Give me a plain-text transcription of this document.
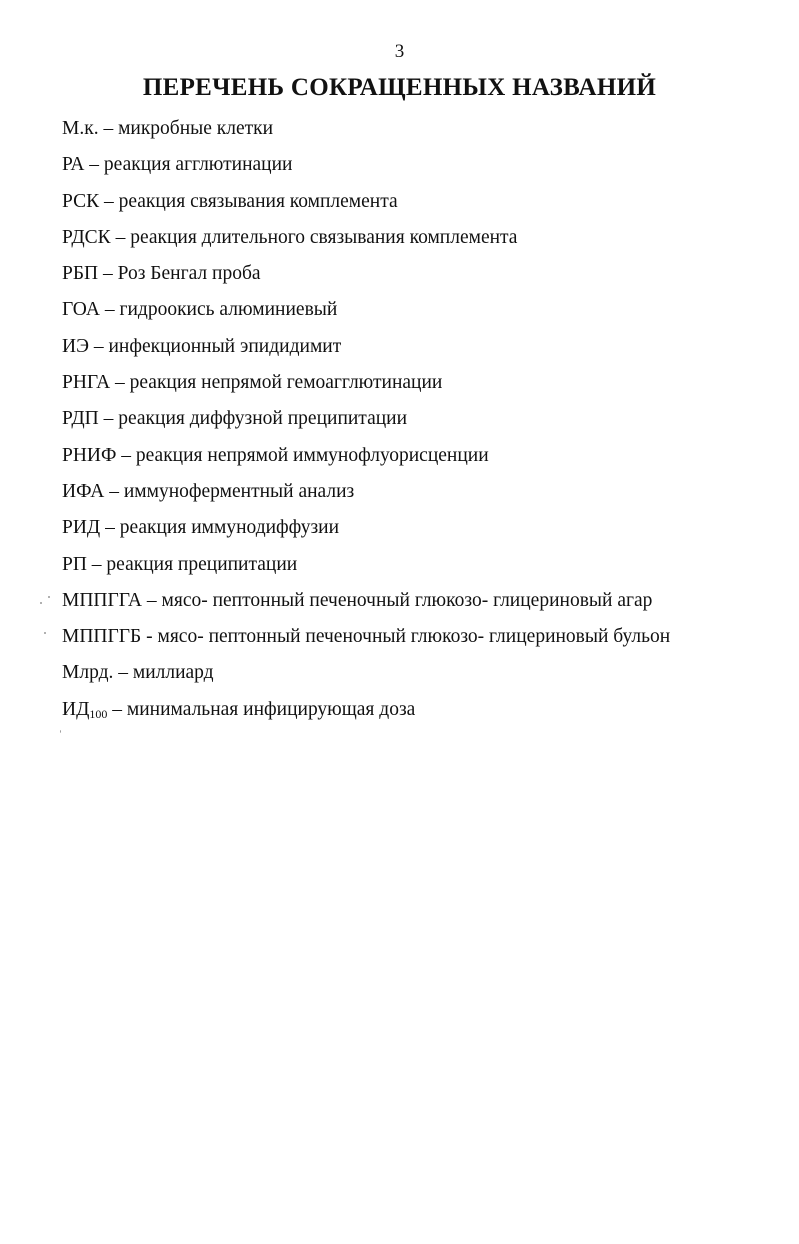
3
ПЕРЕЧЕНЬ СОКРАЩЕННЫХ НАЗВАНИЙ
М.к. – микробные клетки
РА – реакция агглютинации
РСК – реакция связывания комплемента
РДСК – реакция длительного связывания комплемента
РБП – Роз Бенгал проба
ГОА – гидроокись алюминиевый
ИЭ – инфекционный эпидидимит
РНГА – реакция непрямой гемоагглютинации
РДП – реакция диффузной преципитации
РНИФ – реакция непрямой иммунофлуорисценции
ИФА – иммуноферментный анализ
РИД – реакция иммунодиффузии
РП – реакция преципитации
МППГГА – мясо- пептонный печеночный глюкозо- глицериновый агар
МППГГБ - мясо- пептонный печеночный глюкозо- глицериновый бульон
Млрд. – миллиард
$ИД_{100}$ – минимальная инфицирующая доза
